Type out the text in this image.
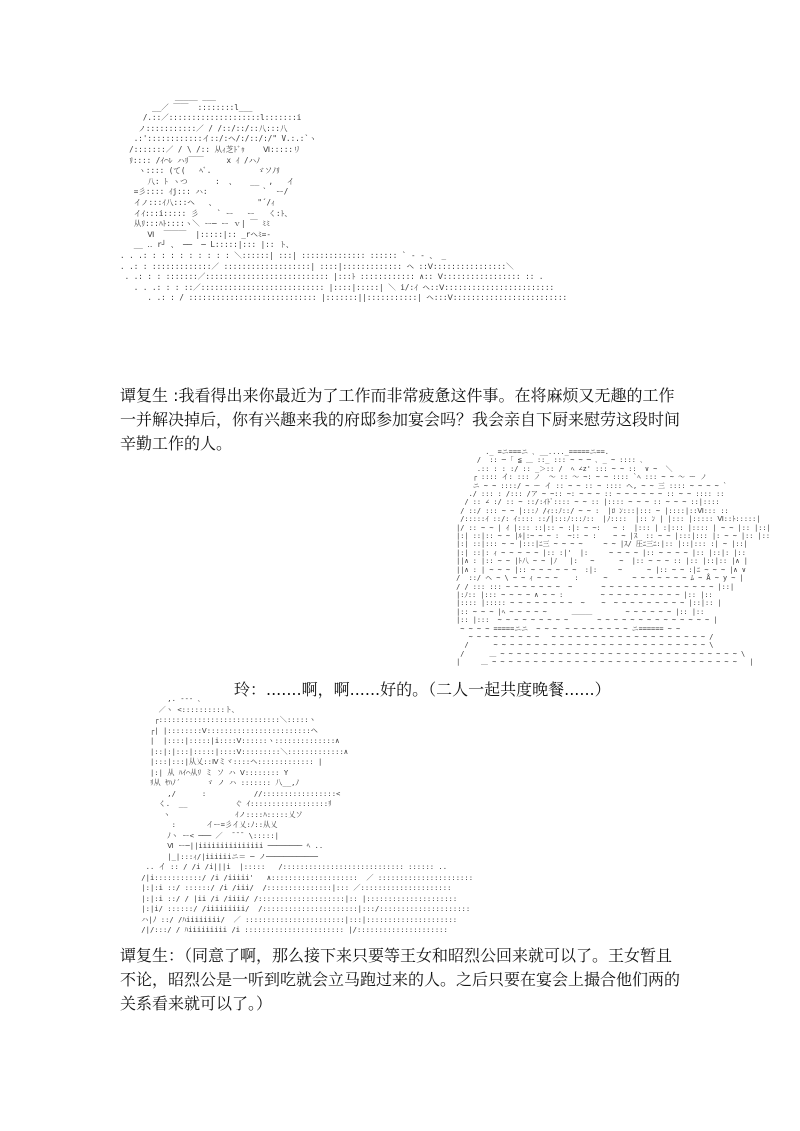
_____ ___
__／ ￣￣  ::::::::l___
/.::／::::::::::::::::::::l:::::::i
ノ:::::::::::／ / /::/::/::八:::八
.:'::::::::::::イ::/:ヘ/:/::/:/" V.:.:`ヽ
/:::::::／ / \ /:: 从ｨ芝ﾄﾞｩ    Ⅵ:::::リ
ﾘ:::: /ｲ⌒ﾚ ハﾘ￣￣     x ｲ /ハﾉ
ヽ:::: (て(   ﾍﾞ.          ゞソﾉﾘ
八: ﾄ ヽつ      :  、   __  ,   イ
=彡:::: ｲj::: ハ:            `  ー/
イノ:::ｲ八:::ヘ   、         "´/ｨ
イｲ:::i::::: 彡    ` ー   ー   く:ﾄ、
从ﾘ:::ﾊﾄ::::ヽ＼ ー─ ー ｖ| ￣ ﾐﾐ
Ⅵ  ￣￣￣  |:::::|:: _rヘﾐ=-
__ ‥ r┘ 、 ──  ─ L:::::|::: |:: ト、
. . .: : : : : : : : : : ＼::::::| :::| :::::::::::::: :::::: ` ‐ ‐ 、 _
. .: : :::::::::::::／ :::::::::::::::::::| ::::|::::::::::::: ヘ ::Ⅴ::::::::::::::::＼
. .: : : :::::::／::::::::::::::::::::::::::: |:::ﾄ :::::::::::: ∧:: Ⅴ::::::::::::::::: :: .
. . .: : : ::／::::::::::::::::::::::::::: |::::|:::::| ＼ i/:ｲ ヘ::Ⅴ::::::::::::::::::::::::
. .: : / :::::::::::::::::::::::::::: |:::::::||:::::::::::| ヘ:::Ⅴ:::::::::::::::::::::::::
谭复生 :我看得出来你最近为了工作而非常疲惫这件事。在将麻烦又无趣的工作一并解决掉后，你有兴趣来我的府邸参加宴会吗？我会亲自下厨来慰劳这段时间辛勤工作的人。	._ =ニ===ニ ､ __...._=====ニ==.
/  :: ─ ｢ ≦ ＿ ::_ ::: ~ ~ ─ ､ _ ~ :::: ､
.:: : : :/ :: _＞:: /  ﾍ ∠z' ::: ~ ~ ::  ∨ ~  ＼
┌ :::: イ: ::: ノ  ～ :: ～ ~: ~ ~ :::: `ﾍ ::: ~ ~ ～ ー ノ
ニ ~ ~ ::::/ ~ ー イ :: ~ ~ :: ~ :::: ヘ, ~ ~ 三 :::: ~ ~ ~ ~ `
./ ::: : /::: /ア ~ ~:: ~: ~ ~ ~ :: ~ ~ ~ ~ ~ ~ :: ~ ~ :::: ::
/ :: ∠ :/ :: ~ ::/:ｲﾄﾞ:::: ~ ~ :: |:::: ~ ~ ~ :: ~ ~ ~ ::|::::
/ ::/ ::: ~ ~ |:::ﾉ /ｨ::ﾉ::/ ~ ~ :  |ﾛ ﾝ:::|::: ~ |::::|::Ⅵ::: ::
/:::::ｲ ::/: ｲ:::: ::/|:::ﾉ:::ﾉ::  |ﾉ::::  |:: ﾝ | |::: |::::: Ⅵ::ﾄ:::::|
|/ :: ~ ~ | ｲ |::: ::|:: ~ :|: ~ ~:   ~ :  |::: | :|::: |:::: | ~ ~ |:: |::|
|:| ::|:: ~ ~ |ﾙ|:~ ~ ~ :  ~:: ~ :    ~ ~ |ｽ  :: ~ ~ |:::|::: |: ~ ~ |:: |::
|:| ::|::: ~ ~ |:::|ﾆ三 ~ ~ ~ ~     ~ ~ |ｽ/ 圧ﾆ三ﾆ:|:: |::|::: :| ~ |::|
|:| ::|: ｨ ~ ~ ~ ~ ~ |:: :|'  |:     ~ ~ ~ ~ |:: ~ ~ ~ ~ |:: |::|: |::
||∧ : |:: ~ ~ |ﾄ八 ~ ~ |ﾉ   |:   ~      ~  |:: ~ ~ ~ :: |:: |::|:: |∧ |
||∧ : | ~ ~ ~ |:: ~ ~ ~ ~ ~ ~  :|:     ~      ~ |:: ~ ~ :|ﾆ ~ ~ ~ |∧ ∨
/  ::/ ヘ ~ \ ~ ~ ｨ ~ ~ ~    :      ~      ~ ~ ~ ~ ~ ~ ~ ﾑ ~ Å ~ y ~ |
/ / ::: ::: ~ ~ ~ ~ ~ ~ ~  ~       ~ ~ ~ ~ ~ ~ ~ ~ ~ ~ ~ ~ ~ ~ |::|
|:ﾉ:: |::: ~ ~ ~ ~ ∧ ~ ~ :         ~ ~ ~ ~ ~ ~ ~ ~ ~ ~ |:: |::
|:::: |::::: ~ ~ ~ ~ ~ ~ ~ ~  ~    ~  ~ ~ ~ ~ ~ ~ ~ ~ ~ |::|:: |
|:: ~ ~ ~ |ﾍ ~ ~ ~ ~ ~      ＿＿＿        ~ ~ ~ ~ ~ ~ |:: |::
|:: |:::  ~ ~ ~ ~ ~ ~ ~ ~ ~       ~ ~ ~ ~ ~ ~ ~ ~ ~ ~ ~ ~ ~ ~ |
~ ~ ~ ~ =====ニニ  ~ ~ ~  ~ ~ ~ ~ ~ ~ ~ ~ ニ====== ~ ~
~ ~ ~ ~ ~ ~ ~ ~ ~   ~ ~ ~ ~ ~ ~ ~ ~ ~ ~ ~ ~ ~ ~ ~ ~ ~ ~ ~ /
/      ~ ~ ~ ~ ~ ~ ~ ~ ~ ~ ~ ~ ~ ~ ~ ~ ~ ~ ~ ~ ~ ~ ~ ~ ~ ~ \
/      ＿ ~ ~ ~ ~ ~ ~ ~ ~ ~ ~ ~ ~ ~ ~ ~ ~ ~ ~ ~ ~ ~ ~ ~ ~ ~ ~ ~ ~ ~ \
|     ＿ ~ ~ ~ ~ ~ ~ ~ ~ ~ ~ ~ ~ ~ ~ ~ ~ ~ ~ ~ ~ ~ ~ ~ ~ ~ ~ ~ ~ ~ ~   |
玲：.......啊，啊......好的。（二人一起共度晚餐......）
,. -‐- ､
／ヽ <::::::::::ト、
┌::::::::::::::::::::::::::::＼:::::ヽ
┌| |::::::::Ⅴ::::::::::::::::::::::::ヘ
|  |::::|:::::|i::::Ⅴ::::::ヽ::::::::::::::∧
|::|:|:::|:::::|::::Ⅴ:::::::::＼:::::::::::::∧
|:::|:::|从乂::Ⅳミヾ::::ヘ::::::::::::: |
|:| 从 ﾊｲ⌒从ﾘ ミ ソ ハ Ⅴ:::::::: Y
ﾘ从 ﾔﾊﾉ´      ゞ ノ ハ ::::::: 八__,ﾉ
,/      :           //:::::::::::::::::<
く.  __           ぐ ｲ::::::::::::::::::ﾘ
ヽ               ｲノ::::ﾊ:::::乂ソ
:       イー=彡イ乂:ﾉ::从乂
ﾉヽ ー< ─── ／  ¯¯¯ \:::::|
Ⅵ ー─||iiiiiiiiiiiiiii ──────── ﾍ ..
|_|:::ｨ/|iiiiiiニ＝ ─ ノ────────────
.. イ :: / /i /i|||i  |:::::   /:::::::::::::::::::::::::::: :::::: ..
/|i:::::::::::/ /i /iiiii'   ∧::::::::::::::::::::  ／ ::::::::::::::::::::::
|:|:i ::/ ::::::/ /i /iii/  /:::::::::::::::|::: ／:::::::::::::::::::::
|:|:i ::/ / |ii /i /iiii/ /::::::::::::::::::::|:: |:::::::::::::::::::::
|:|i/ ::::::/ /iiiiiiiii/  /::::::::::::::::::::::|:::/:::::::::::::::::::::
ハ|ﾉ ::/ /ﾊiiiiiiii/  ／ :::::::::::::::::::::::|:::|:::::::::::::::::::::
/|/:::/ / ﾊiiiiiiiii /i ::::::::::::::::::::::: |/:::::::::::::::::::::
谭复生：（同意了啊，那么接下来只要等王女和昭烈公回来就可以了。王女暂且不论，昭烈公是一听到吃就会立马跑过来的人。之后只要在宴会上撮合他们两的关系看来就可以了。）
